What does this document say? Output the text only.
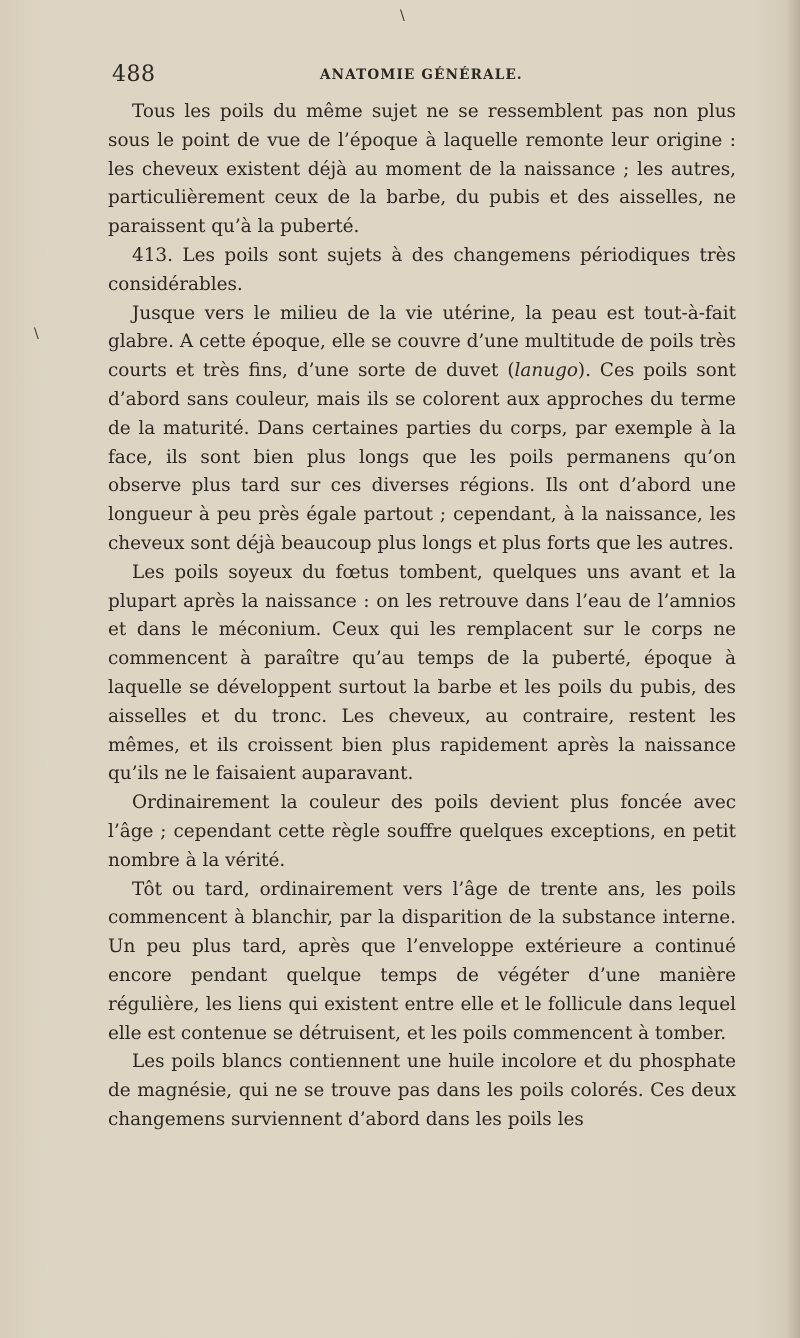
488	ANATOMIE GÉNÉRALE.
\
\

Tous les poils du même sujet ne se ressemblent pas non plus sous le point de vue de l’époque à laquelle remonte leur origine : les cheveux existent déjà au moment de la naissance ; les autres, particulièrement ceux de la barbe, du pubis et des aisselles, ne paraissent qu’à la puberté.

413. Les poils sont sujets à des changemens périodiques très considérables.

Jusque vers le milieu de la vie utérine, la peau est tout-à-fait glabre. A cette époque, elle se couvre d’une multitude de poils très courts et très fins, d’une sorte de duvet (lanugo). Ces poils sont d’abord sans couleur, mais ils se colorent aux approches du terme de la maturité. Dans certaines parties du corps, par exemple à la face, ils sont bien plus longs que les poils permanens qu’on observe plus tard sur ces diverses régions. Ils ont d’abord une longueur à peu près égale partout ; cependant, à la naissance, les cheveux sont déjà beaucoup plus longs et plus forts que les autres.

Les poils soyeux du fœtus tombent, quelques uns avant et la plupart après la naissance : on les retrouve dans l’eau de l’amnios et dans le méconium. Ceux qui les remplacent sur le corps ne commencent à paraître qu’au temps de la puberté, époque à laquelle se développent surtout la barbe et les poils du pubis, des aisselles et du tronc. Les cheveux, au contraire, restent les mêmes, et ils croissent bien plus rapidement après la naissance qu’ils ne le faisaient auparavant.

Ordinairement la couleur des poils devient plus foncée avec l’âge ; cependant cette règle souffre quelques exceptions, en petit nombre à la vérité.

Tôt ou tard, ordinairement vers l’âge de trente ans, les poils commencent à blanchir, par la disparition de la substance interne. Un peu plus tard, après que l’enveloppe extérieure a continué encore pendant quelque temps de végéter d’une manière régulière, les liens qui existent entre elle et le follicule dans lequel elle est contenue se détruisent, et les poils commencent à tomber.

Les poils blancs contiennent une huile incolore et du phosphate de magnésie, qui ne se trouve pas dans les poils colorés. Ces deux changemens surviennent d’abord dans les poils les
